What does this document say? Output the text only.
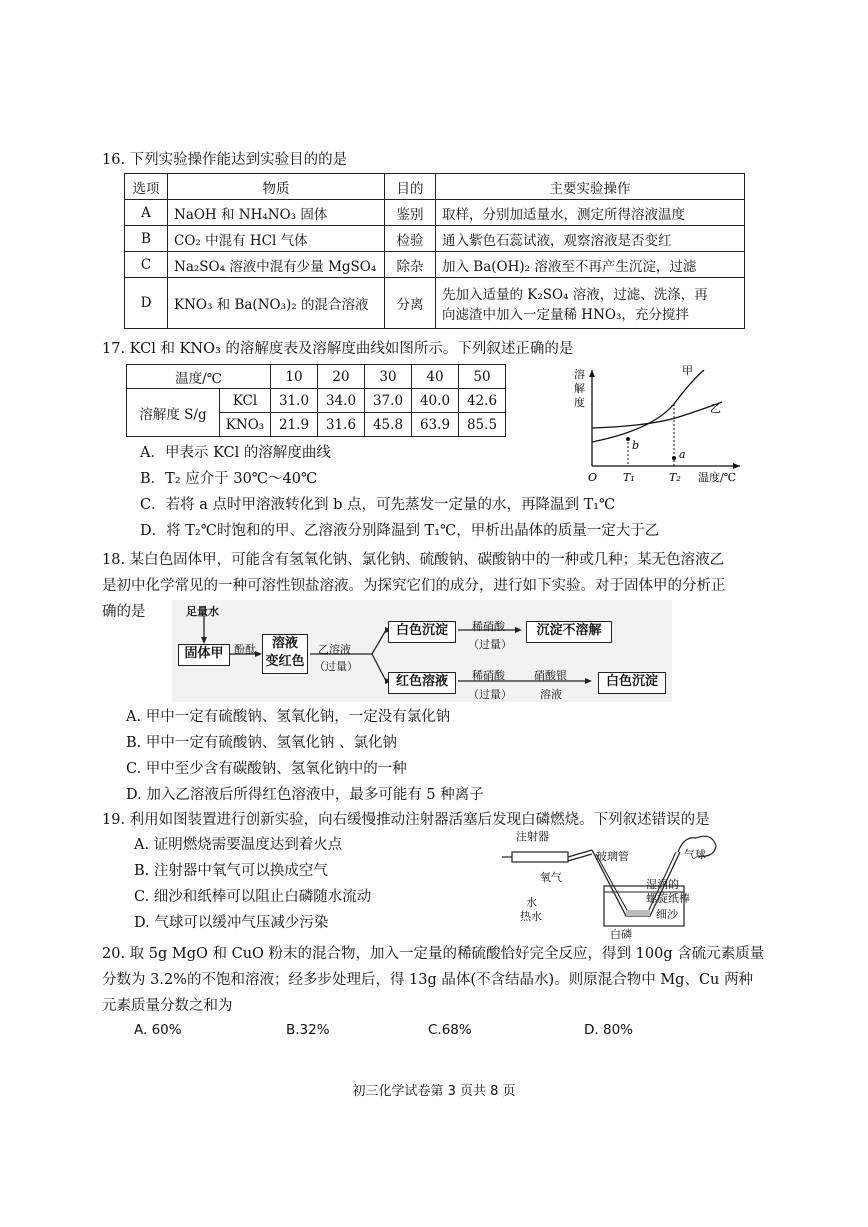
16. 下列实验操作能达到实验目的的是
选项	物质	目的	主要实验操作
A	NaOH 和 NH₄NO₃ 固体	鉴别	取样，分别加适量水，测定所得溶液温度
B	CO₂ 中混有 HCl 气体	检验	通入紫色石蕊试液，观察溶液是否变红
C	Na₂SO₄ 溶液中混有少量 MgSO₄	除杂	加入 Ba(OH)₂ 溶液至不再产生沉淀，过滤
D	KNO₃ 和 Ba(NO₃)₂ 的混合溶液	分离	先加入适量的 K₂SO₄ 溶液，过滤、洗涤，再
向滤渣中加入一定量稀 HNO₃，充分搅拌
17. KCl 和 KNO₃ 的溶解度表及溶解度曲线如图所示。下列叙述正确的是
温度/℃		10	20	30	40	50
溶解度 S/g	KCl	31.0	34.0	37.0	40.0	42.6
	KNO₃	21.9	31.6	45.8	63.9	85.5
A．甲表示 KCl 的溶解度曲线
B．T₂ 应介于 30℃～40℃
C．若将 a 点时甲溶液转化到 b 点，可先蒸发一定量的水，再降温到 T₁℃
D．将 T₂℃时饱和的甲、乙溶液分别降温到 T₁℃，甲析出晶体的质量一定大于乙
溶
解
度
甲
乙
O T₁	T₂ 温度/℃
a
b
18. 某白色固体甲，可能含有氢氧化钠、氯化钠、硫酸钠、碳酸钠中的一种或几种；某无色溶液乙
是初中化学常见的一种可溶性钡盐溶液。为探究它们的成分，进行如下实验。对于固体甲的分析正
确的是	足量水
固体甲 酚酞	溶液
变红色
乙溶液
（过量）
白色沉淀	稀硝酸
（过量）
沉淀不溶解
红色溶液	稀硝酸
（过量）
硝酸银
溶液
白色沉淀
A. 甲中一定有硫酸钠、氢氧化钠，一定没有氯化钠
B. 甲中一定有硫酸钠、氢氧化钠 、氯化钠
C. 甲中至少含有碳酸钠、氢氧化钠中的一种
D. 加入乙溶液后所得红色溶液中，最多可能有 5 种离子
19. 利用如图装置进行创新实验，向右缓慢推动注射器活塞后发现白磷燃烧。下列叙述错误的是
A. 证明燃烧需要温度达到着火点
B. 注射器中氧气可以换成空气
C. 细沙和纸棒可以阻止白磷随水流动
D. 气球可以缓冲气压减少污染
注射器
玻璃管	气球
氧气
湿润的
螺旋纸棒
水
热水	细沙
白磷
20. 取 5g MgO 和 CuO 粉末的混合物，加入一定量的稀硫酸恰好完全反应，得到 100g 含硫元素质量
分数为 3.2%的不饱和溶液；经多步处理后，得 13g 晶体(不含结晶水)。则原混合物中 Mg、Cu 两种
元素质量分数之和为
A. 60%	B.32%	C.68%	D. 80%
初三化学试卷第 3 页共 8 页
